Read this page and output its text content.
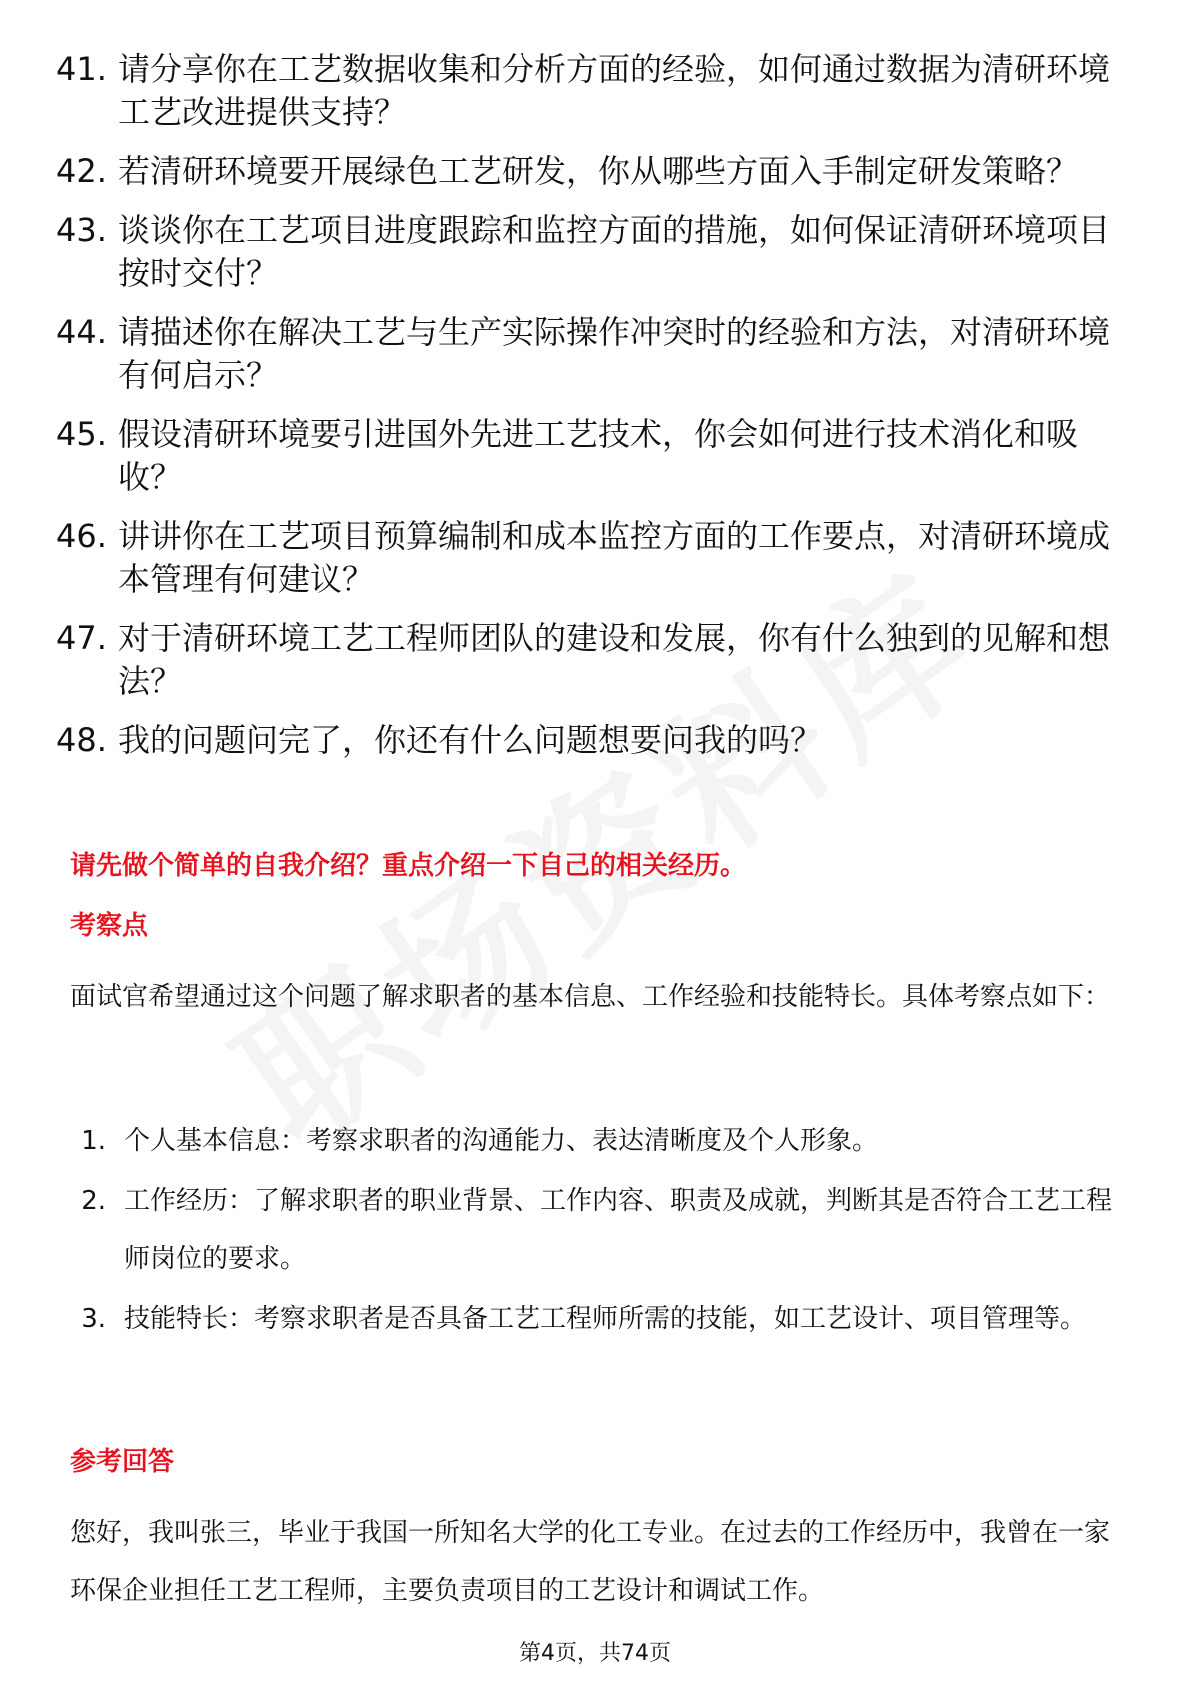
41. 请分享你在工艺数据收集和分析方面的经验，如何通过数据为清研环境工艺改进提供支持？
42. 若清研环境要开展绿色工艺研发，你从哪些方面入手制定研发策略？
43. 谈谈你在工艺项目进度跟踪和监控方面的措施，如何保证清研环境项目按时交付？
44. 请描述你在解决工艺与生产实际操作冲突时的经验和方法，对清研环境有何启示？
45. 假设清研环境要引进国外先进工艺技术，你会如何进行技术消化和吸收？
46. 讲讲你在工艺项目预算编制和成本监控方面的工作要点，对清研环境成本管理有何建议？
47. 对于清研环境工艺工程师团队的建设和发展，你有什么独到的见解和想法？
48. 我的问题问完了，你还有什么问题想要问我的吗？
请先做个简单的自我介绍？重点介绍一下自己的相关经历。
考察点
面试官希望通过这个问题了解求职者的基本信息、工作经验和技能特长。具体考察点如下：
1. 个人基本信息：考察求职者的沟通能力、表达清晰度及个人形象。
2. 工作经历：了解求职者的职业背景、工作内容、职责及成就，判断其是否符合工艺工程师岗位的要求。
3. 技能特长：考察求职者是否具备工艺工程师所需的技能，如工艺设计、项目管理等。
参考回答
您好，我叫张三，毕业于我国一所知名大学的化工专业。在过去的工作经历中，我曾在一家环保企业担任工艺工程师，主要负责项目的工艺设计和调试工作。
第4页，共74页
